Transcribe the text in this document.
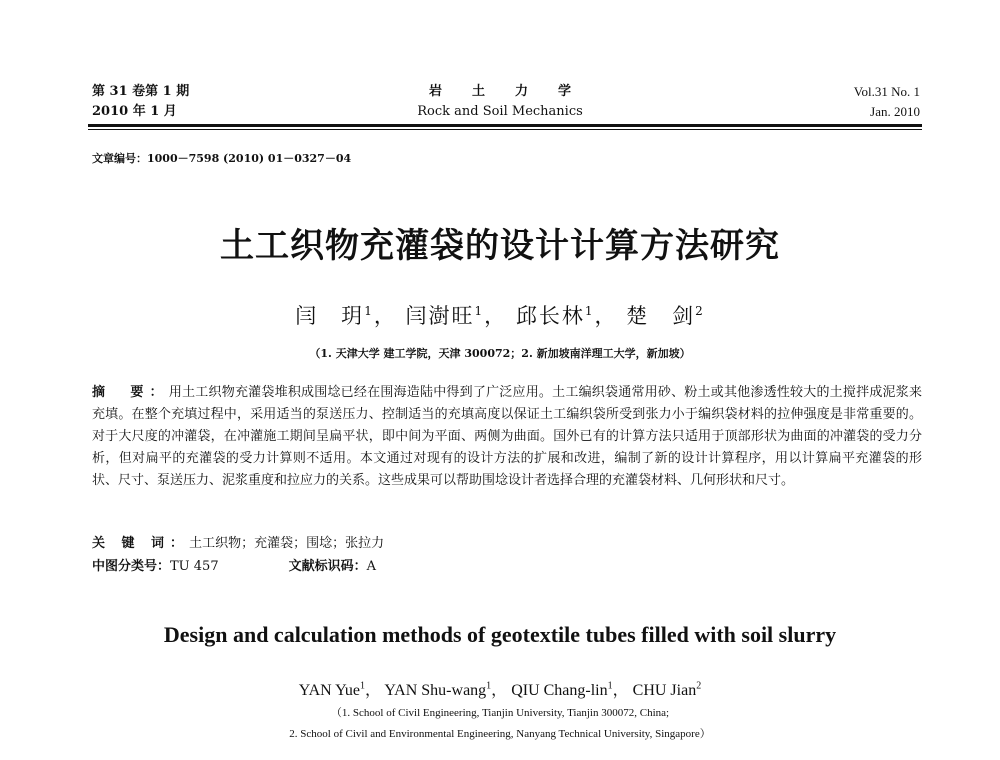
第 31 卷第 1 期
2010 年 1 月
岩土力学
Rock and Soil Mechanics
Vol.31 No. 1
Jan. 2010
文章编号：1000－7598 (2010) 01－0327－04
土工织物充灌袋的设计计算方法研究
闫　玥$^1$， 闫澍旺$^1$， 邱长林$^1$， 楚　剑$^2$
（1. 天津大学 建工学院，天津 300072；2. 新加坡南洋理工大学，新加坡）
摘　要：用土工织物充灌袋堆积成围埝已经在围海造陆中得到了广泛应用。土工编织袋通常用砂、粉土或其他渗透性较大的土搅拌成泥浆来充填。在整个充填过程中，采用适当的泵送压力、控制适当的充填高度以保证土工编织袋所受到张力小于编织袋材料的拉伸强度是非常重要的。对于大尺度的冲灌袋，在冲灌施工期间呈扁平状，即中间为平面、两侧为曲面。国外已有的计算方法只适用于顶部形状为曲面的冲灌袋的受力分析，但对扁平的充灌袋的受力计算则不适用。本文通过对现有的设计方法的扩展和改进，编制了新的设计计算程序，用以计算扁平充灌袋的形状、尺寸、泵送压力、泥浆重度和拉应力的关系。这些成果可以帮助围埝设计者选择合理的充灌袋材料、几何形状和尺寸。
关 键 词：土工织物；充灌袋；围埝；张拉力
中图分类号：TU 457	文献标识码：A
Design and calculation methods of geotextile tubes filled with soil slurry
YAN Yue$^1$， YAN Shu-wang$^1$， QIU Chang-lin$^1$， CHU Jian$^2$
（1. School of Civil Engineering, Tianjin University, Tianjin 300072, China;
2. School of Civil and Environmental Engineering, Nanyang Technical University, Singapore）
